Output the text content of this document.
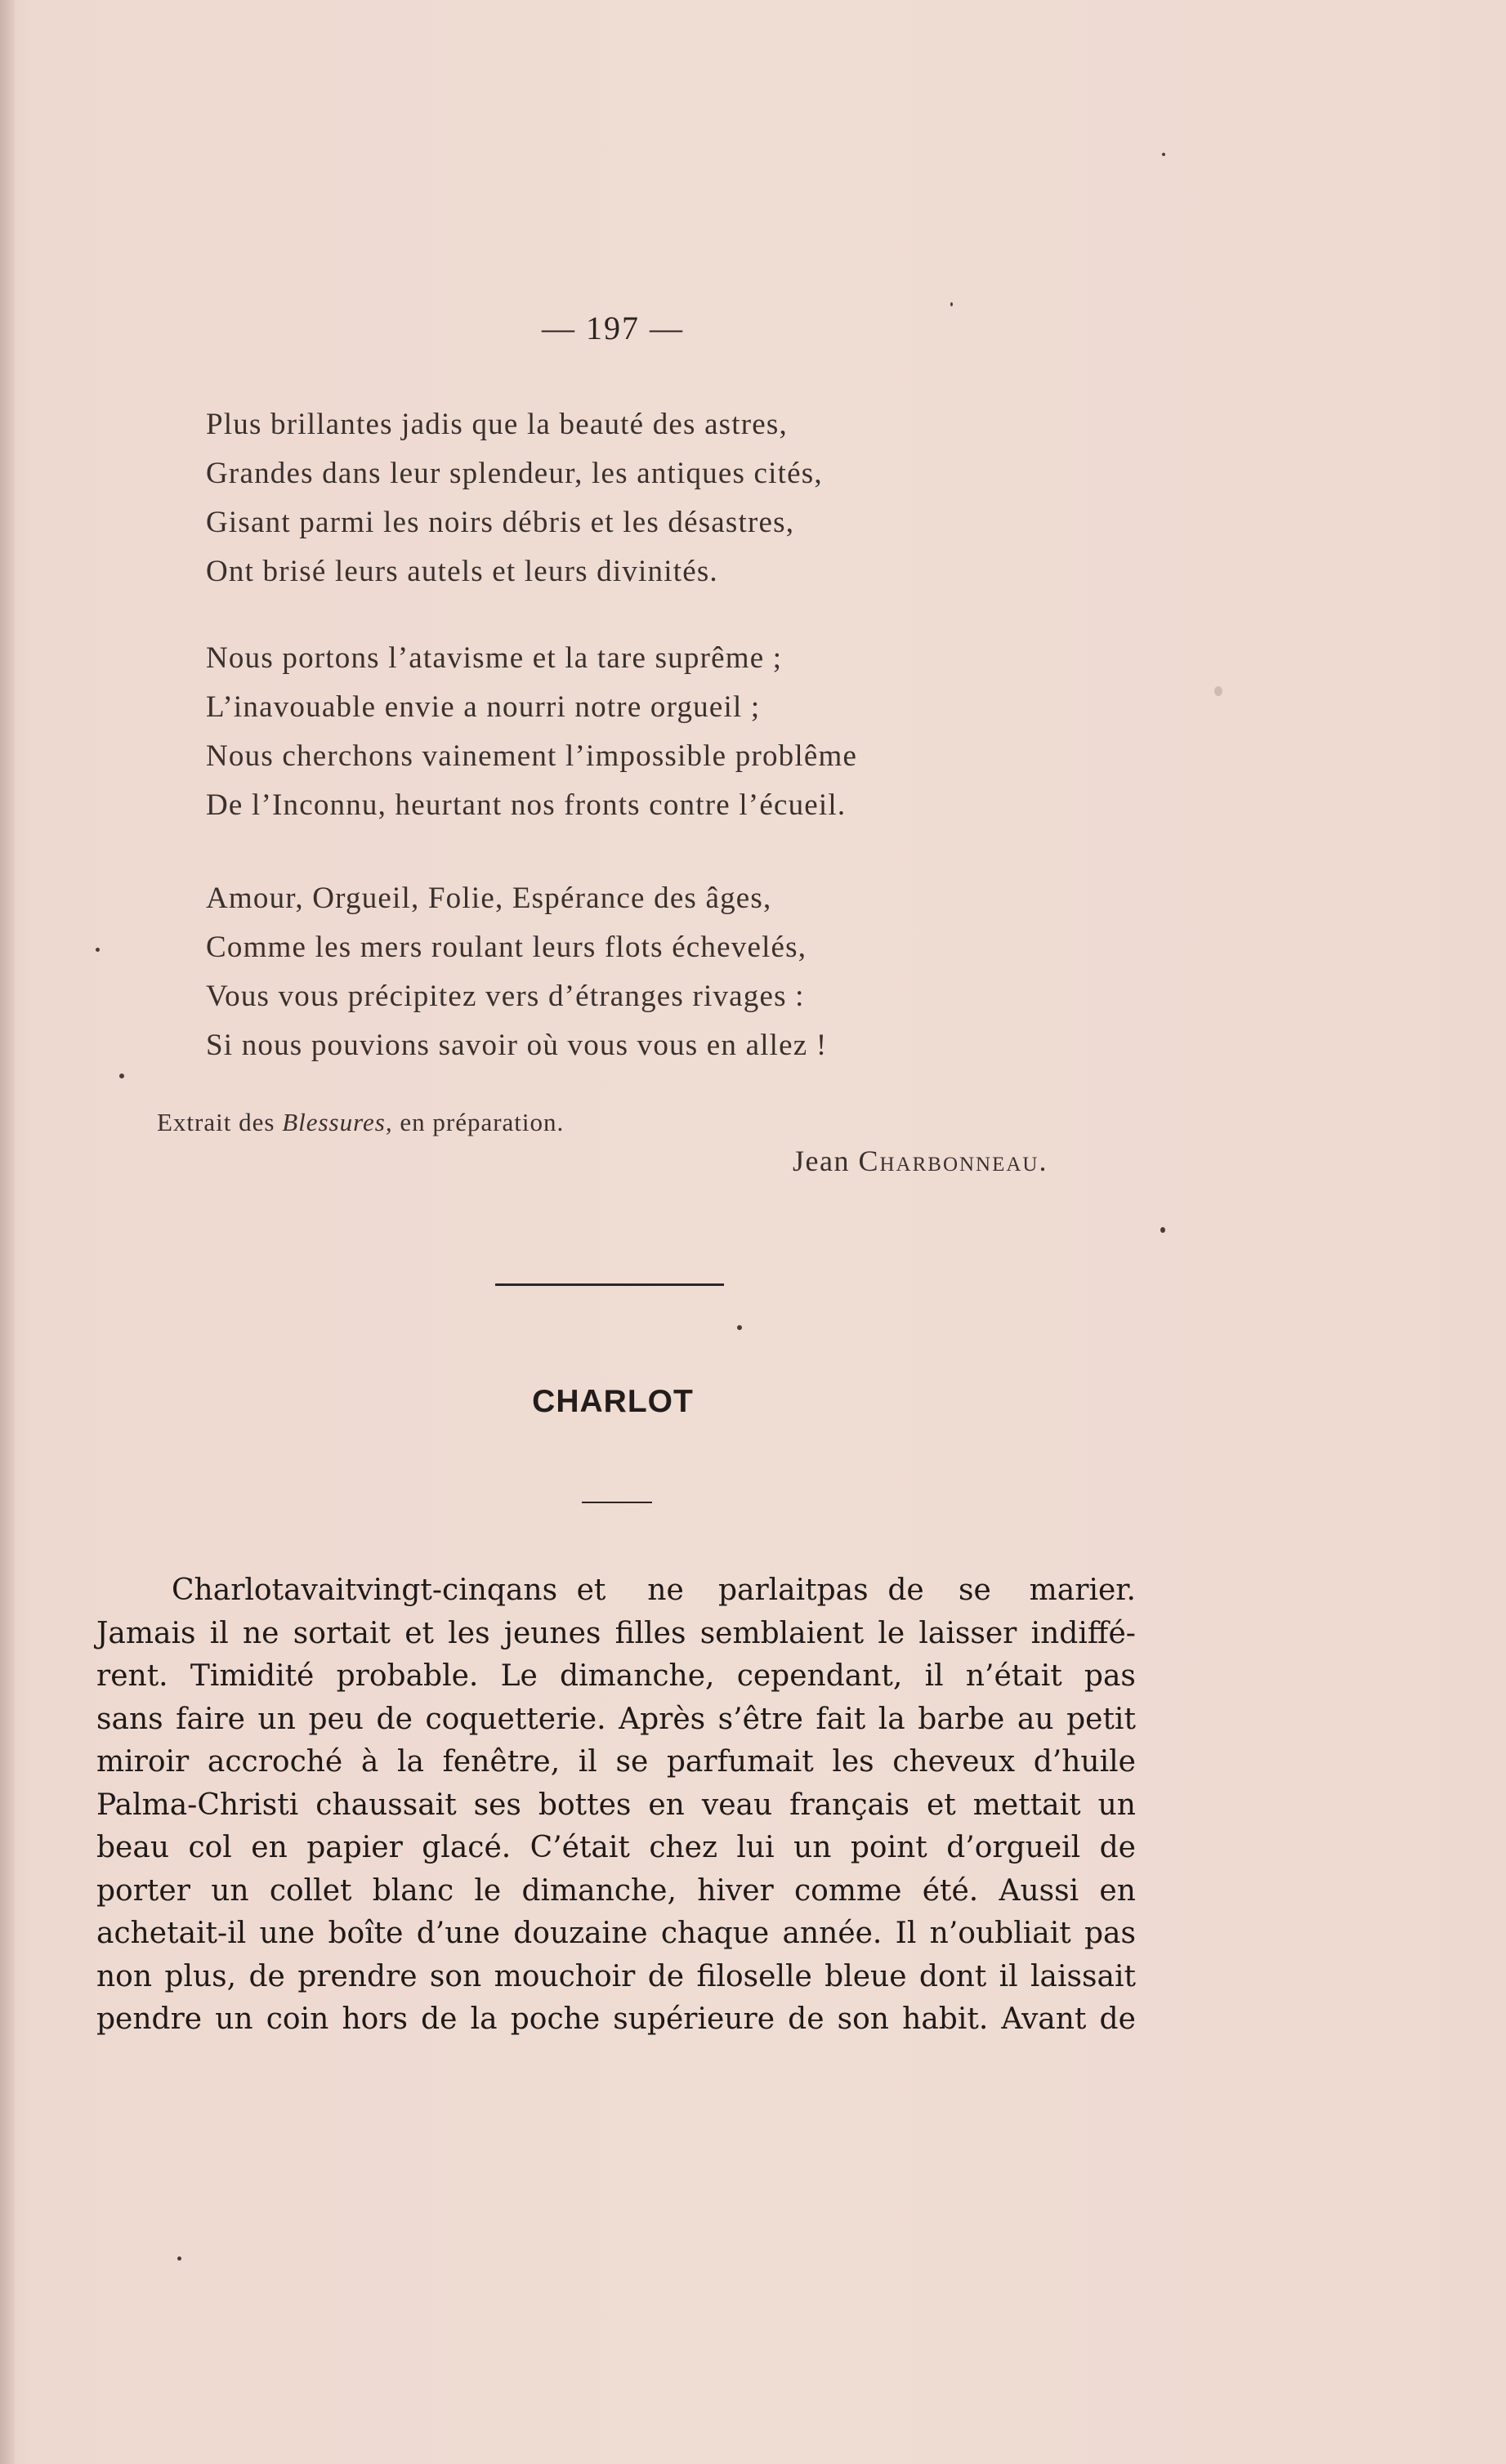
— 197 —
Plus brillantes jadis que la beauté des astres,
Grandes dans leur splendeur, les antiques cités,
Gisant parmi les noirs débris et les désastres,
Ont brisé leurs autels et leurs divinités.
Nous portons l’atavisme et la tare suprême ;
L’inavouable envie a nourri notre orgueil ;
Nous cherchons vainement l’impossible problême
De l’Inconnu, heurtant nos fronts contre l’écueil.
Amour, Orgueil, Folie, Espérance des âges,
Comme les mers roulant leurs flots échevelés,
Vous vous précipitez vers d’étranges rivages :
Si nous pouvions savoir où vous vous en allez !
Extrait des Blessures, en préparation.
Jean Charbonneau.
CHARLOT
Charlot avait vingt-cinq ans et	ne	parlait pas de	se	marier.
Jamais il ne sortait et les jeunes filles semblaient le laisser indiffé-
rent. Timidité probable. Le dimanche, cependant, il n’était pas
sans faire un peu de coquetterie. Après s’être fait la barbe au petit
miroir accroché à la fenêtre, il se parfumait les cheveux d’huile
Palma-Christi chaussait ses bottes en veau français et mettait un
beau col en papier glacé. C’était chez lui un point d’orgueil de
porter un collet blanc le dimanche, hiver comme été. Aussi en
achetait-il une boîte d’une douzaine chaque année. Il n’oubliait pas
non plus, de prendre son mouchoir de filoselle bleue dont il laissait
pendre un coin hors de la poche supérieure de son habit. Avant de
